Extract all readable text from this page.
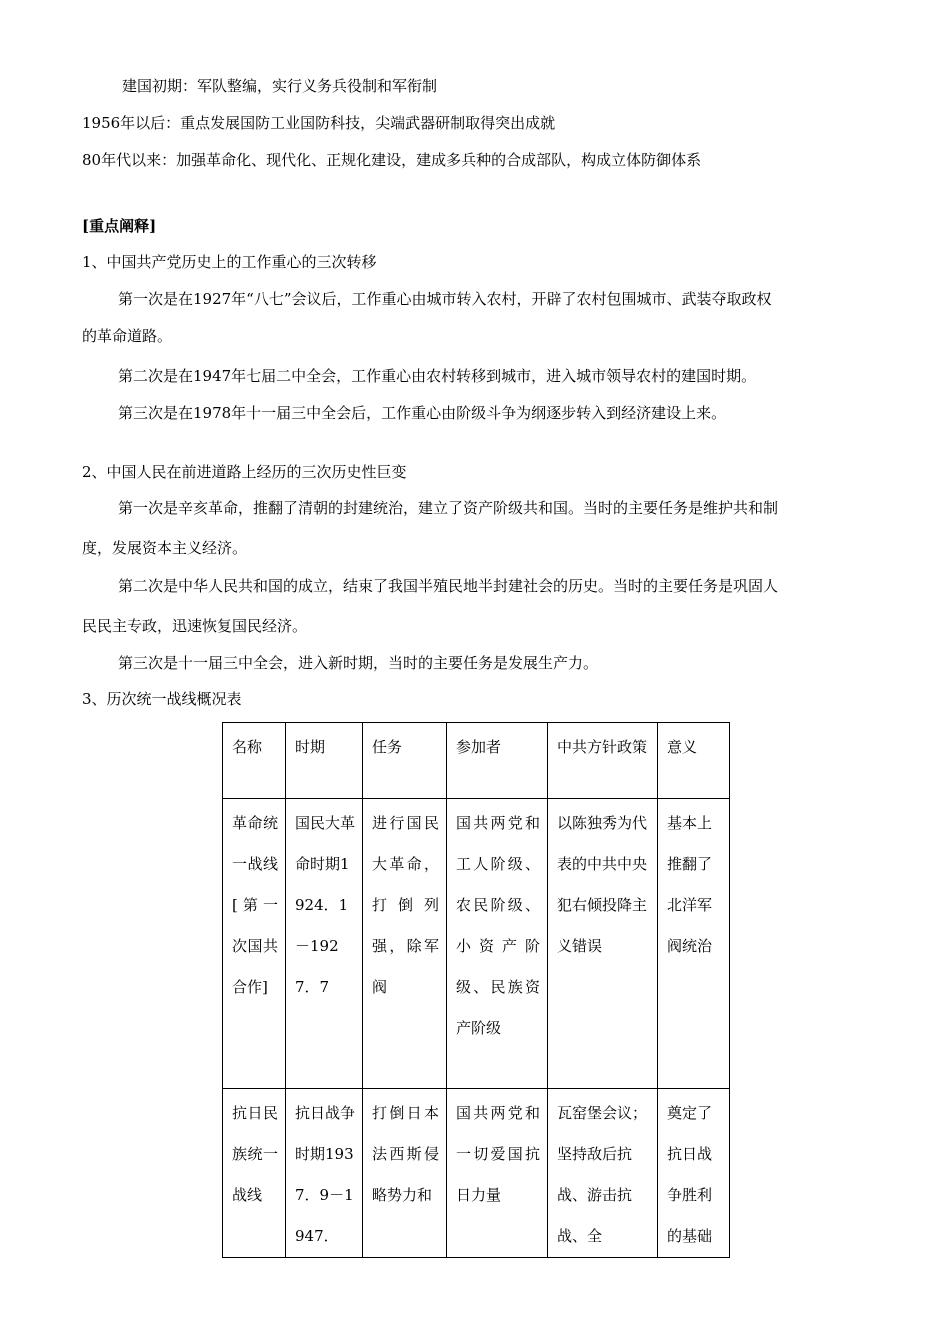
建国初期：军队整编，实行义务兵役制和军衔制
1956年以后：重点发展国防工业国防科技，尖端武器研制取得突出成就
80年代以来：加强革命化、现代化、正规化建设，建成多兵种的合成部队，构成立体防御体系
[重点阐释]
1、中国共产党历史上的工作重心的三次转移
第一次是在1927年“八七”会议后，工作重心由城市转入农村，开辟了农村包围城市、武装夺取政权
的革命道路。
第二次是在1947年七届二中全会，工作重心由农村转移到城市，进入城市领导农村的建国时期。
第三次是在1978年十一届三中全会后，工作重心由阶级斗争为纲逐步转入到经济建设上来。
2、中国人民在前进道路上经历的三次历史性巨变
第一次是辛亥革命，推翻了清朝的封建统治，建立了资产阶级共和国。当时的主要任务是维护共和制
度，发展资本主义经济。
第二次是中华人民共和国的成立，结束了我国半殖民地半封建社会的历史。当时的主要任务是巩固人
民民主专政，迅速恢复国民经济。
第三次是十一届三中全会，进入新时期，当时的主要任务是发展生产力。
3、历次统一战线概况表
名称	时期	任务	参加者	中共方针政策	意义

革命统一战线[第一次国共合作]	国民大革命时期1924．1－1927．7	进行国民大革命，打倒列强，除军阀	国共两党和工人阶级、农民阶级、小资产阶级、民族资产阶级	以陈独秀为代表的中共中央犯右倾投降主义错误	基本上推翻了北洋军阀统治

抗日民族统一战线	抗日战争时期1937．9－1947．	打倒日本法西斯侵略势力和	国共两党和一切爱国抗日力量	瓦窑堡会议；坚持敌后抗战、游击抗战、全	奠定了抗日战争胜利的基础
